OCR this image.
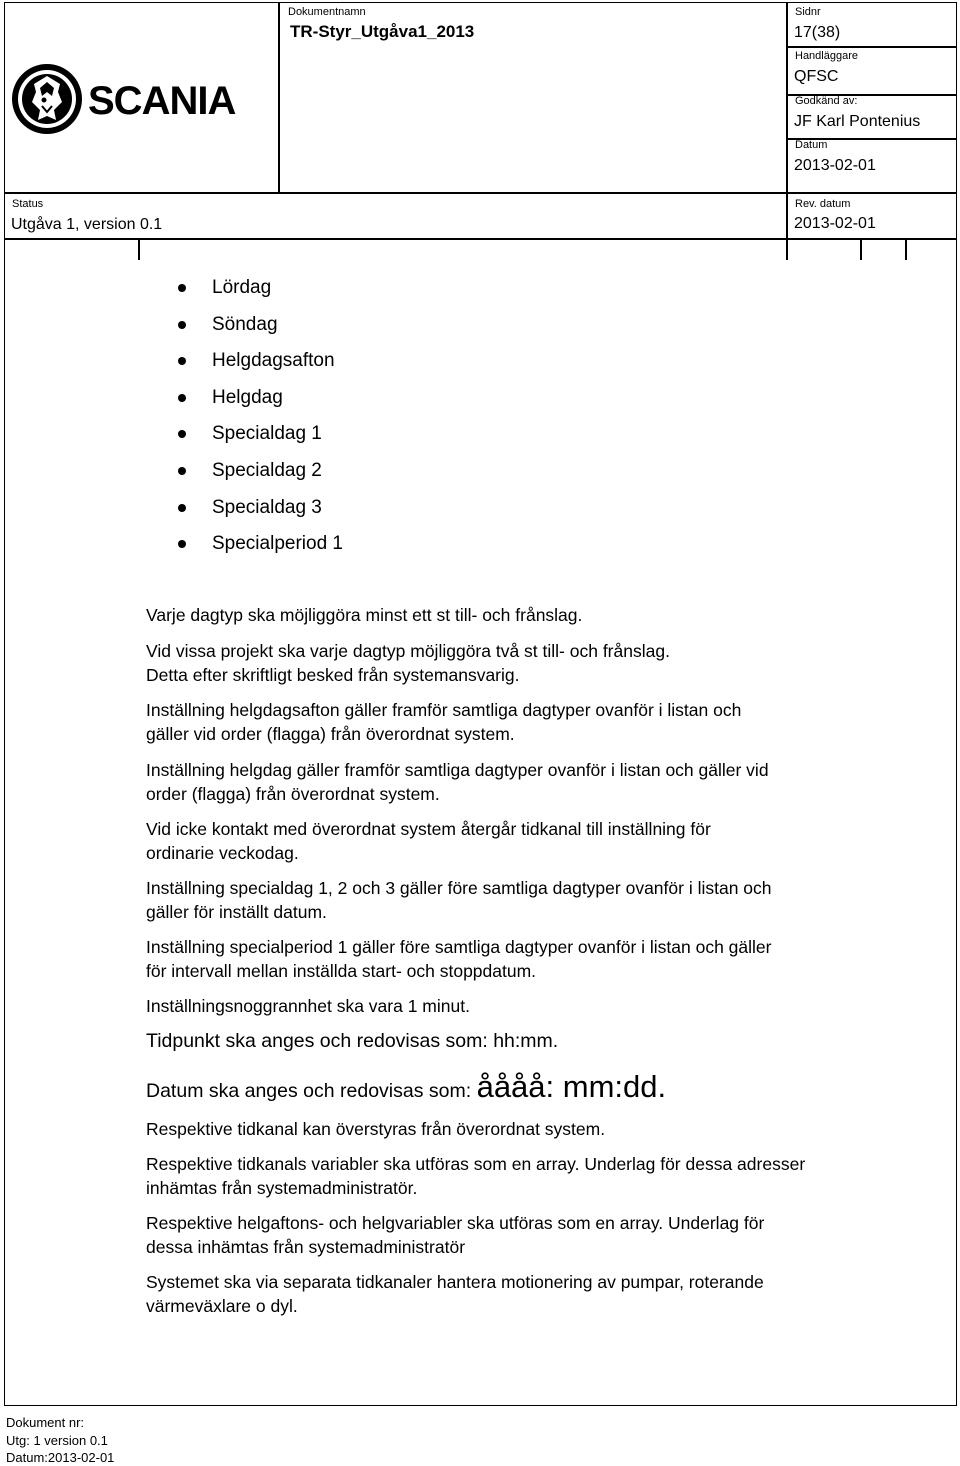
SCANIA
Dokumentnamn
TR-Styr_Utgåva1_2013
Sidnr
17(38)
Handläggare
QFSC
Godkänd av:
JF Karl Pontenius
Datum
2013-02-01
Status
Utgåva 1, version 0.1
Rev. datum
2013-02-01
Lördag
Söndag
Helgdagsafton
Helgdag
Specialdag 1
Specialdag 2
Specialdag 3
Specialperiod 1

Varje dagtyp ska möjliggöra minst ett st till- och frånslag.

Vid vissa projekt ska varje dagtyp möjliggöra två st till- och frånslag.

Detta efter skriftligt besked från systemansvarig.

Inställning helgdagsafton gäller framför samtliga dagtyper ovanför i listan och gäller vid order (flagga) från överordnat system.

Inställning helgdag gäller framför samtliga dagtyper ovanför i listan och gäller vid order (flagga) från överordnat system.

Vid icke kontakt med överordnat system återgår tidkanal till inställning för ordinarie veckodag.

Inställning specialdag 1, 2 och 3 gäller före samtliga dagtyper ovanför i listan och gäller för inställt datum.

Inställning specialperiod 1 gäller före samtliga dagtyper ovanför i listan och gäller för intervall mellan inställda start- och stoppdatum.

Inställningsnoggrannhet ska vara 1 minut.

Tidpunkt ska anges och redovisas som: hh:mm.

Datum ska anges och redovisas som: åååå: mm:dd.

Respektive tidkanal kan överstyras från överordnat system.

Respektive tidkanals variabler ska utföras som en array. Underlag för dessa adresser inhämtas från systemadministratör.

Respektive helgaftons- och helgvariabler ska utföras som en array. Underlag för dessa inhämtas från systemadministratör

Systemet ska via separata tidkanaler hantera motionering av pumpar, roterande värmeväxlare o dyl.

Dokument nr:
Utg: 1 version 0.1
Datum:2013-02-01
